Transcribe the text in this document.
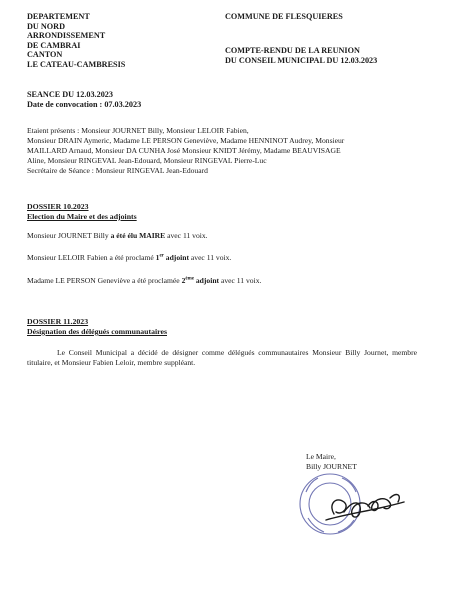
DEPARTEMENT
DU NORD
ARRONDISSEMENT
DE CAMBRAI
CANTON
LE CATEAU-CAMBRESIS
COMMUNE DE FLESQUIERES
COMPTE-RENDU DE LA REUNION
DU CONSEIL MUNICIPAL DU 12.03.2023
SEANCE DU 12.03.2023
Date de convocation : 07.03.2023
Etaient présents : Monsieur JOURNET Billy, Monsieur LELOIR Fabien,
Monsieur DRAIN Aymeric, Madame LE PERSON Geneviève, Madame HENNINOT Audrey, Monsieur
MAILLARD Arnaud, Monsieur DA CUNHA José Monsieur KNIDT Jérémy, Madame BEAUVISAGE
Aline, Monsieur RINGEVAL Jean-Edouard, Monsieur RINGEVAL Pierre-Luc
Secrétaire de Séance : Monsieur RINGEVAL Jean-Edouard
DOSSIER 10.2023
Election du Maire et des adjoints
Monsieur JOURNET Billy a été élu MAIRE avec 11 voix.
Monsieur LELOIR Fabien a été proclamé 1er adjoint avec 11 voix.
Madame LE PERSON Geneviève a été proclamée 2ème adjoint avec 11 voix.
DOSSIER 11.2023
Désignation des délégués communautaires
Le Conseil Municipal a décidé de désigner comme délégués communautaires Monsieur Billy Journet, membre titulaire, et Monsieur Fabien Leloir, membre suppléant.
Le Maire,
Billy JOURNET
